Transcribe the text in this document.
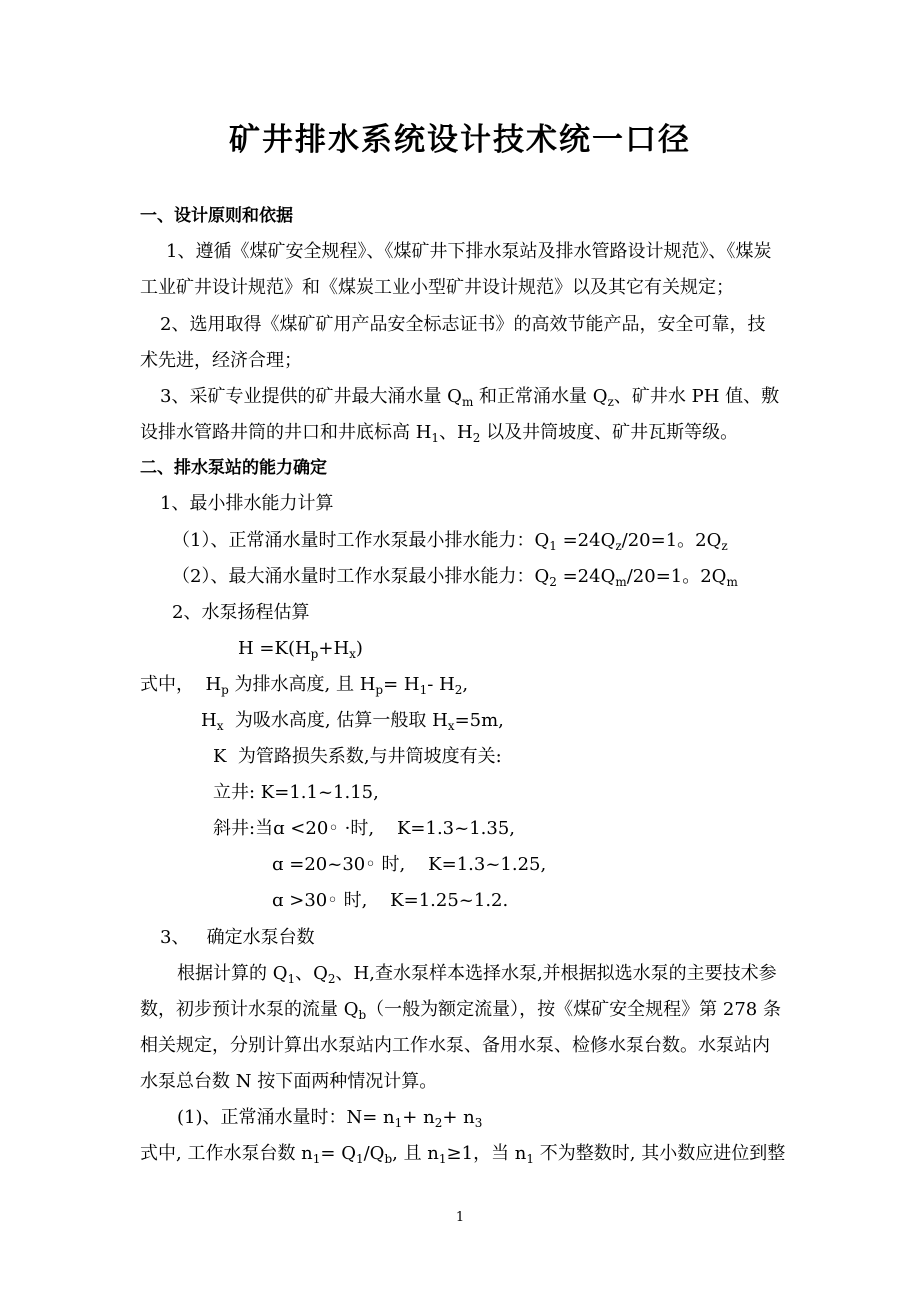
矿井排水系统设计技术统一口径
一、设计原则和依据
1、遵循《煤矿安全规程》、《煤矿井下排水泵站及排水管路设计规范》、《煤炭
工业矿井设计规范》和《煤炭工业小型矿井设计规范》以及其它有关规定；
2、选用取得《煤矿矿用产品安全标志证书》的高效节能产品，安全可靠，技
术先进，经济合理；
3、采矿专业提供的矿井最大涌水量 $Q_m$ 和正常涌水量 $Q_z$、矿井水 PH 值、敷
设排水管路井筒的井口和井底标高 $H_1$、$H_2$ 以及井筒坡度、矿井瓦斯等级。
二、排水泵站的能力确定
1、最小排水能力计算
（1）、正常涌水量时工作水泵最小排水能力：$Q_1 =24Q_z/20=1$。$2Q_z$
（2）、最大涌水量时工作水泵最小排水能力：$Q_2 =24Q_m/20=1$。$2Q_m$
2、水泵扬程估算
$H =K(H_p+H_x)$
式中，  $H_p$ 为排水高度, 且 $H_p= H_1-$ $H_2$,
$H_x$  为吸水高度, 估算一般取 $H_x=5m$,
K  为管路损失系数,与井筒坡度有关:
立井: K=1.1~1.15,
斜井:当ɑ <20◦ ·时,    K=1.3~1.35,
ɑ =20~30◦ 时,    K=1.3~1.25,
ɑ >30◦ 时,    K=1.25~1.2.
3、   确定水泵台数
根据计算的 $Q_1$、$Q_2$、H,查水泵样本选择水泵,并根据拟选水泵的主要技术参
数，初步预计水泵的流量 $Q_b$（一般为额定流量），按《煤矿安全规程》第 278 条
相关规定，分别计算出水泵站内工作水泵、备用水泵、检修水泵台数。水泵站内
水泵总台数 N 按下面两种情况计算。
(1)、正常涌水量时：$N= n_1+ n_2+ n_3$
式中, 工作水泵台数 $n_1= Q_1/Q_b$, 且 $n_1\ge 1$，当 $n_1$ 不为整数时, 其小数应进位到整
1
